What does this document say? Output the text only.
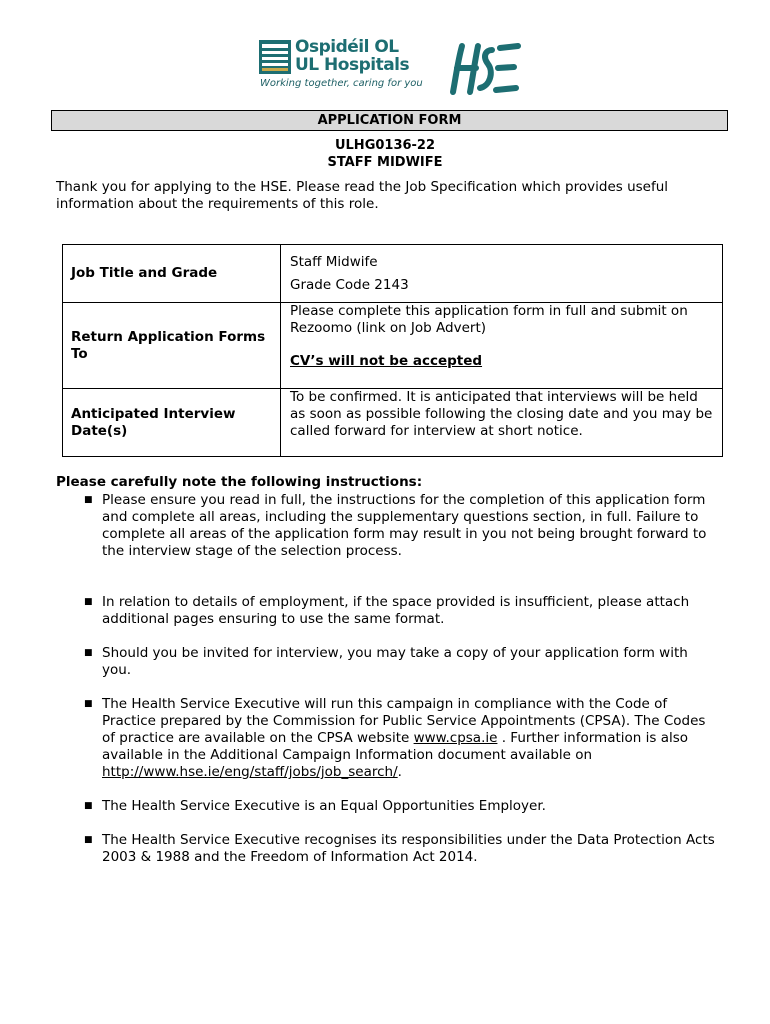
Ospidéil OL
UL Hospitals
Working together, caring for you
HSE
APPLICATION FORM
ULHG0136-22
STAFF MIDWIFE
Thank you for applying to the HSE. Please read the Job Specification which provides useful information about the requirements of this role.
Job Title and Grade	Staff Midwife

Grade Code 2143

Return Application Forms To	Please complete this application form in full and submit on Rezoomo (link on Job Advert)
CV’s will not be accepted

Anticipated Interview Date(s)	To be confirmed. It is anticipated that interviews will be held as soon as possible following the closing date and you may be called forward for interview at short notice.
Please carefully note the following instructions:
■ Please ensure you read in full, the instructions for the completion of this application form and complete all areas, including the supplementary questions section, in full. Failure to complete all areas of the application form may result in you not being brought forward to the interview stage of the selection process.
■ In relation to details of employment, if the space provided is insufficient, please attach additional pages ensuring to use the same format.
■ Should you be invited for interview, you may take a copy of your application form with you.
■ The Health Service Executive will run this campaign in compliance with the Code of Practice prepared by the Commission for Public Service Appointments (CPSA). The Codes of practice are available on the CPSA website www.cpsa.ie . Further information is also available in the Additional Campaign Information document available on http://www.hse.ie/eng/staff/jobs/job_search/.
■ The Health Service Executive is an Equal Opportunities Employer.
■ The Health Service Executive recognises its responsibilities under the Data Protection Acts 2003 & 1988 and the Freedom of Information Act 2014.
